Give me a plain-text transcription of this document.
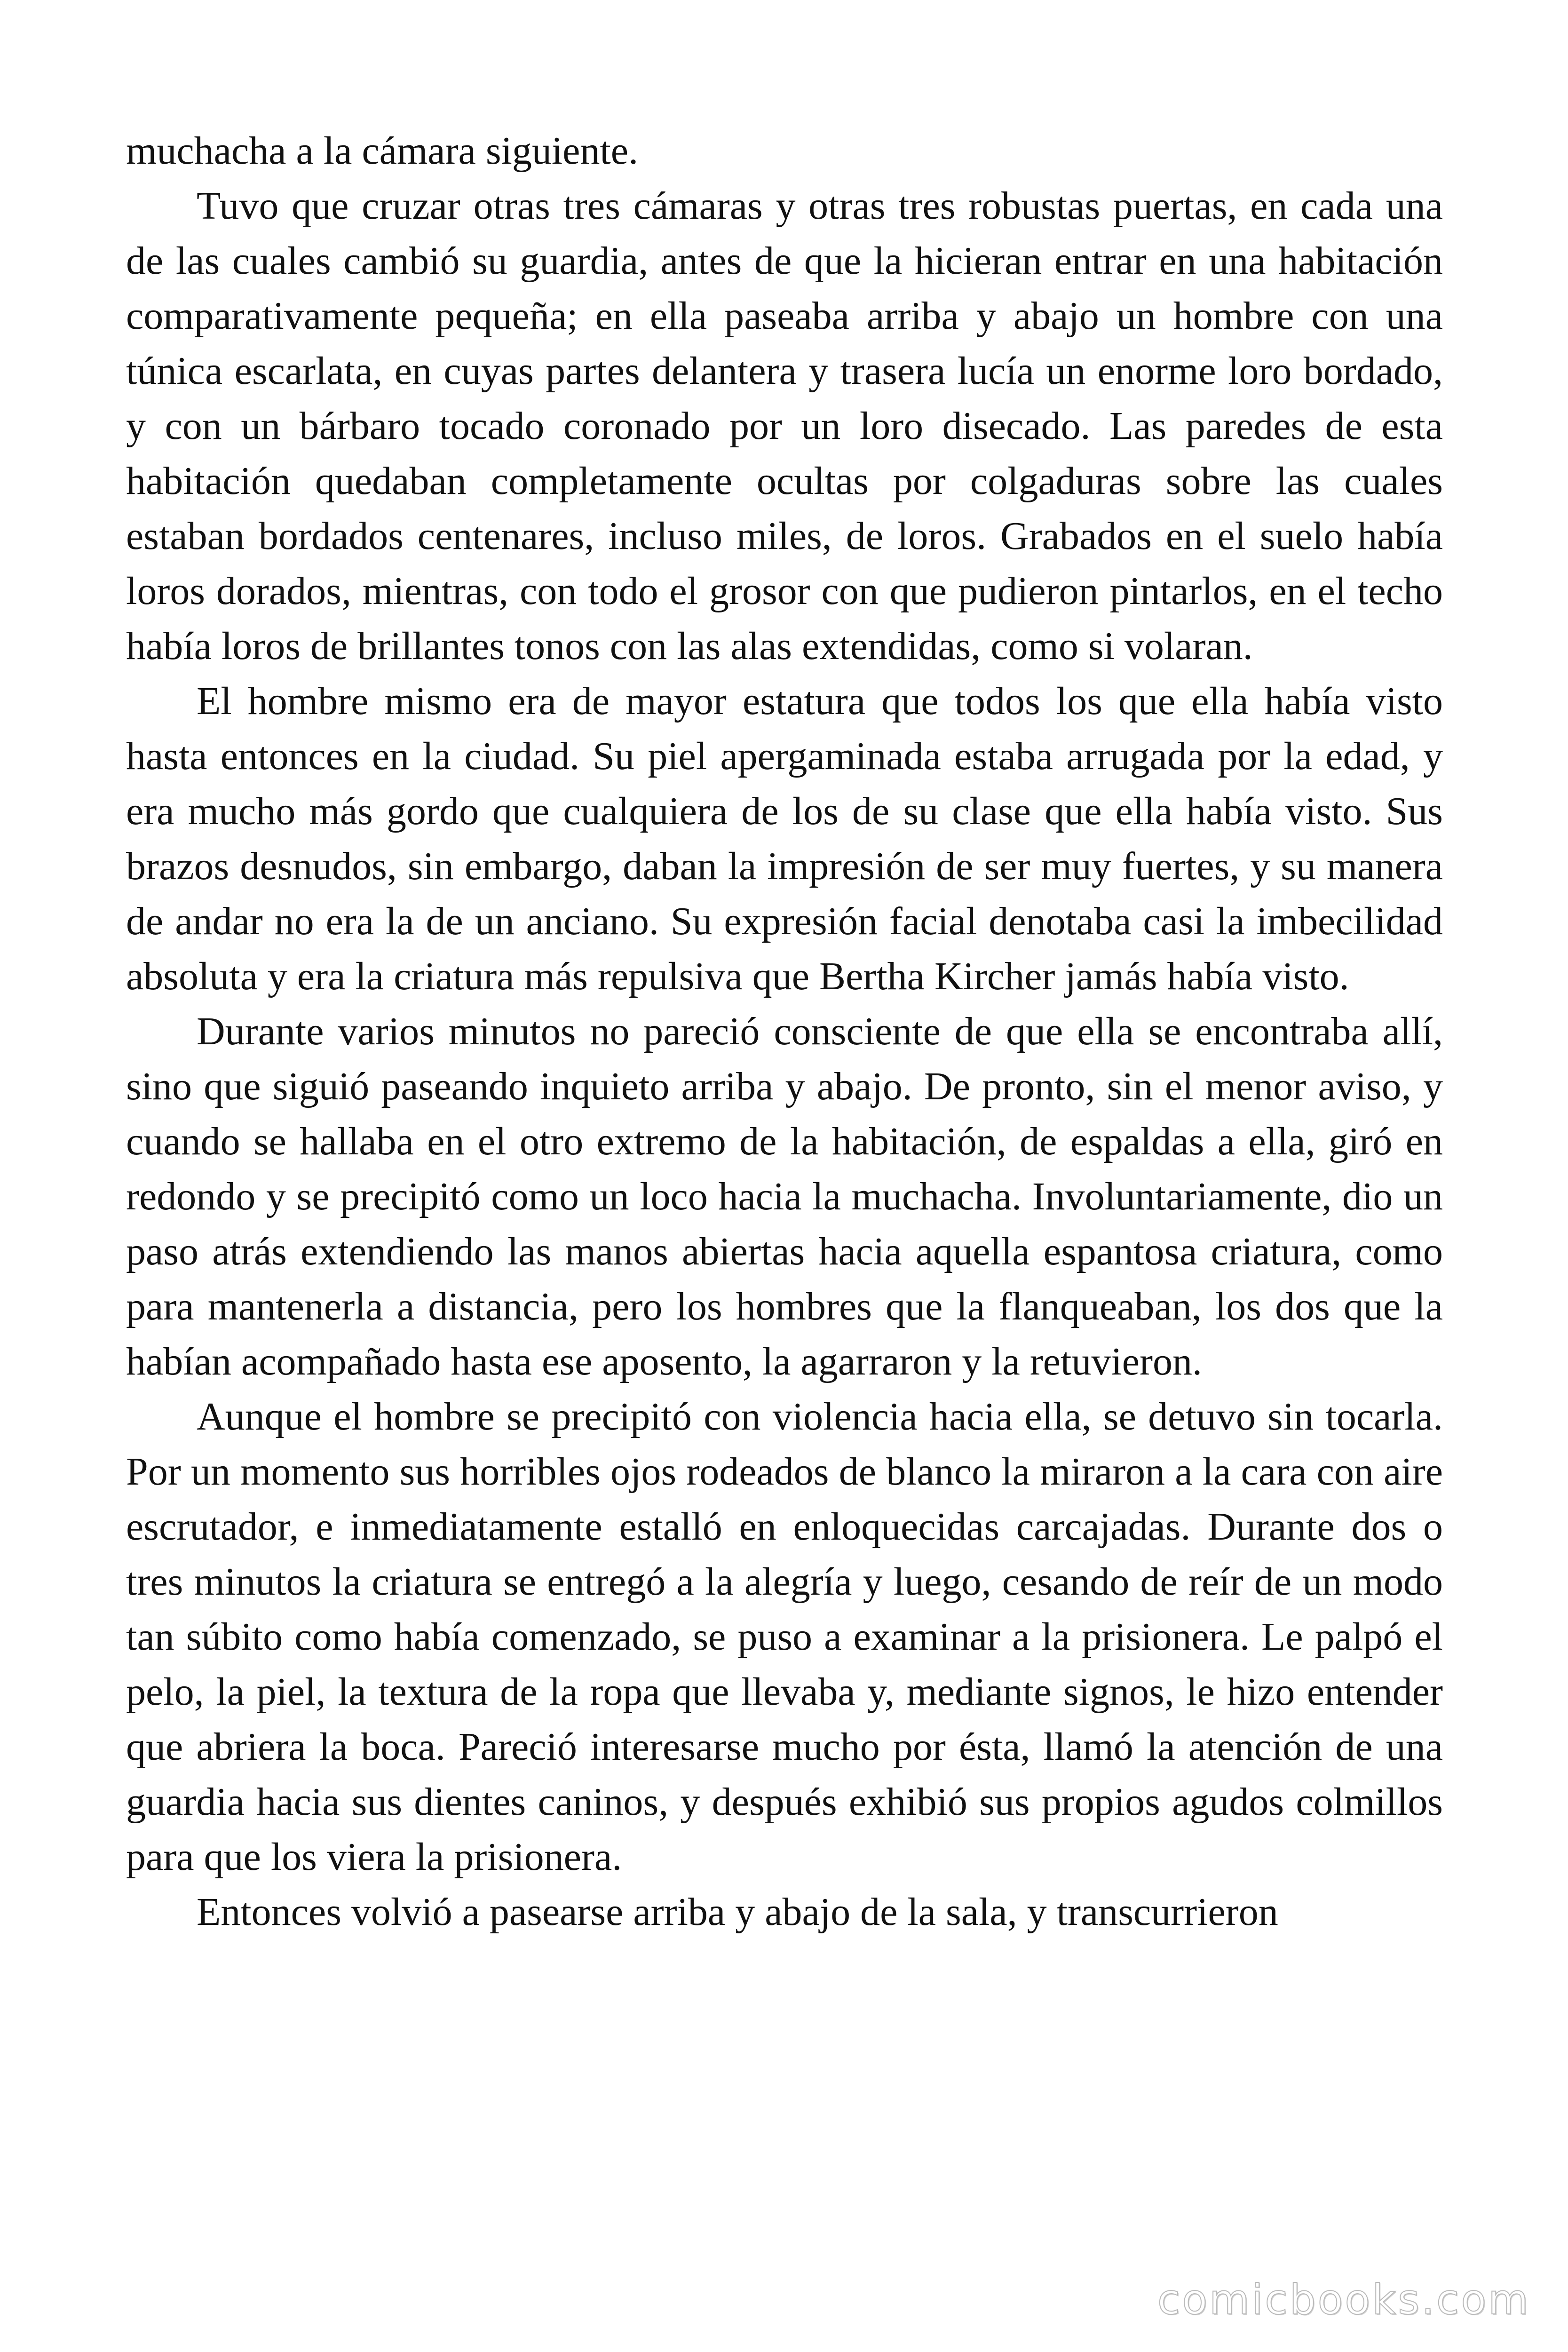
muchacha a la cámara siguiente.

Tuvo que cruzar otras tres cámaras y otras tres robustas puertas, en cada una de las cuales cambió su guardia, antes de que la hicieran entrar en una habitación comparativamente pequeña; en ella paseaba arriba y abajo un hombre con una túnica escarlata, en cuyas partes delantera y trasera lucía un enorme loro bordado, y con un bárbaro tocado coronado por un loro disecado. Las paredes de esta habitación quedaban completamente ocultas por colgaduras sobre las cuales estaban bordados centenares, incluso miles, de loros. Grabados en el suelo había loros dorados, mientras, con todo el grosor con que pudieron pintarlos, en el techo había loros de brillantes tonos con las alas extendidas, como si volaran.

El hombre mismo era de mayor estatura que todos los que ella había visto hasta entonces en la ciudad. Su piel apergaminada estaba arrugada por la edad, y era mucho más gordo que cualquiera de los de su clase que ella había visto. Sus brazos desnudos, sin embargo, daban la impresión de ser muy fuertes, y su manera de andar no era la de un anciano. Su expresión facial denotaba casi la imbecilidad absoluta y era la criatura más repulsiva que Bertha Kircher jamás había visto.

Durante varios minutos no pareció consciente de que ella se encontraba allí, sino que siguió paseando inquieto arriba y abajo. De pronto, sin el menor aviso, y cuando se hallaba en el otro extremo de la habitación, de espaldas a ella, giró en redondo y se precipitó como un loco hacia la muchacha. Involuntariamente, dio un paso atrás extendiendo las manos abiertas hacia aquella espantosa criatura, como para mantenerla a distancia, pero los hombres que la flanqueaban, los dos que la habían acompañado hasta ese aposento, la agarraron y la retuvieron.

Aunque el hombre se precipitó con violencia hacia ella, se detuvo sin tocarla. Por un momento sus horribles ojos rodeados de blanco la miraron a la cara con aire escrutador, e inmediatamente estalló en enloquecidas carcajadas. Durante dos o tres minutos la criatura se entregó a la alegría y luego, cesando de reír de un modo tan súbito como había comenzado, se puso a examinar a la prisionera. Le palpó el pelo, la piel, la textura de la ropa que llevaba y, mediante signos, le hizo entender que abriera la boca. Pareció interesarse mucho por ésta, llamó la atención de una guardia hacia sus dientes caninos, y después exhibió sus propios agudos colmillos para que los viera la prisionera.

Entonces volvió a pasearse arriba y abajo de la sala, y transcurrieron

comicbooks.com
